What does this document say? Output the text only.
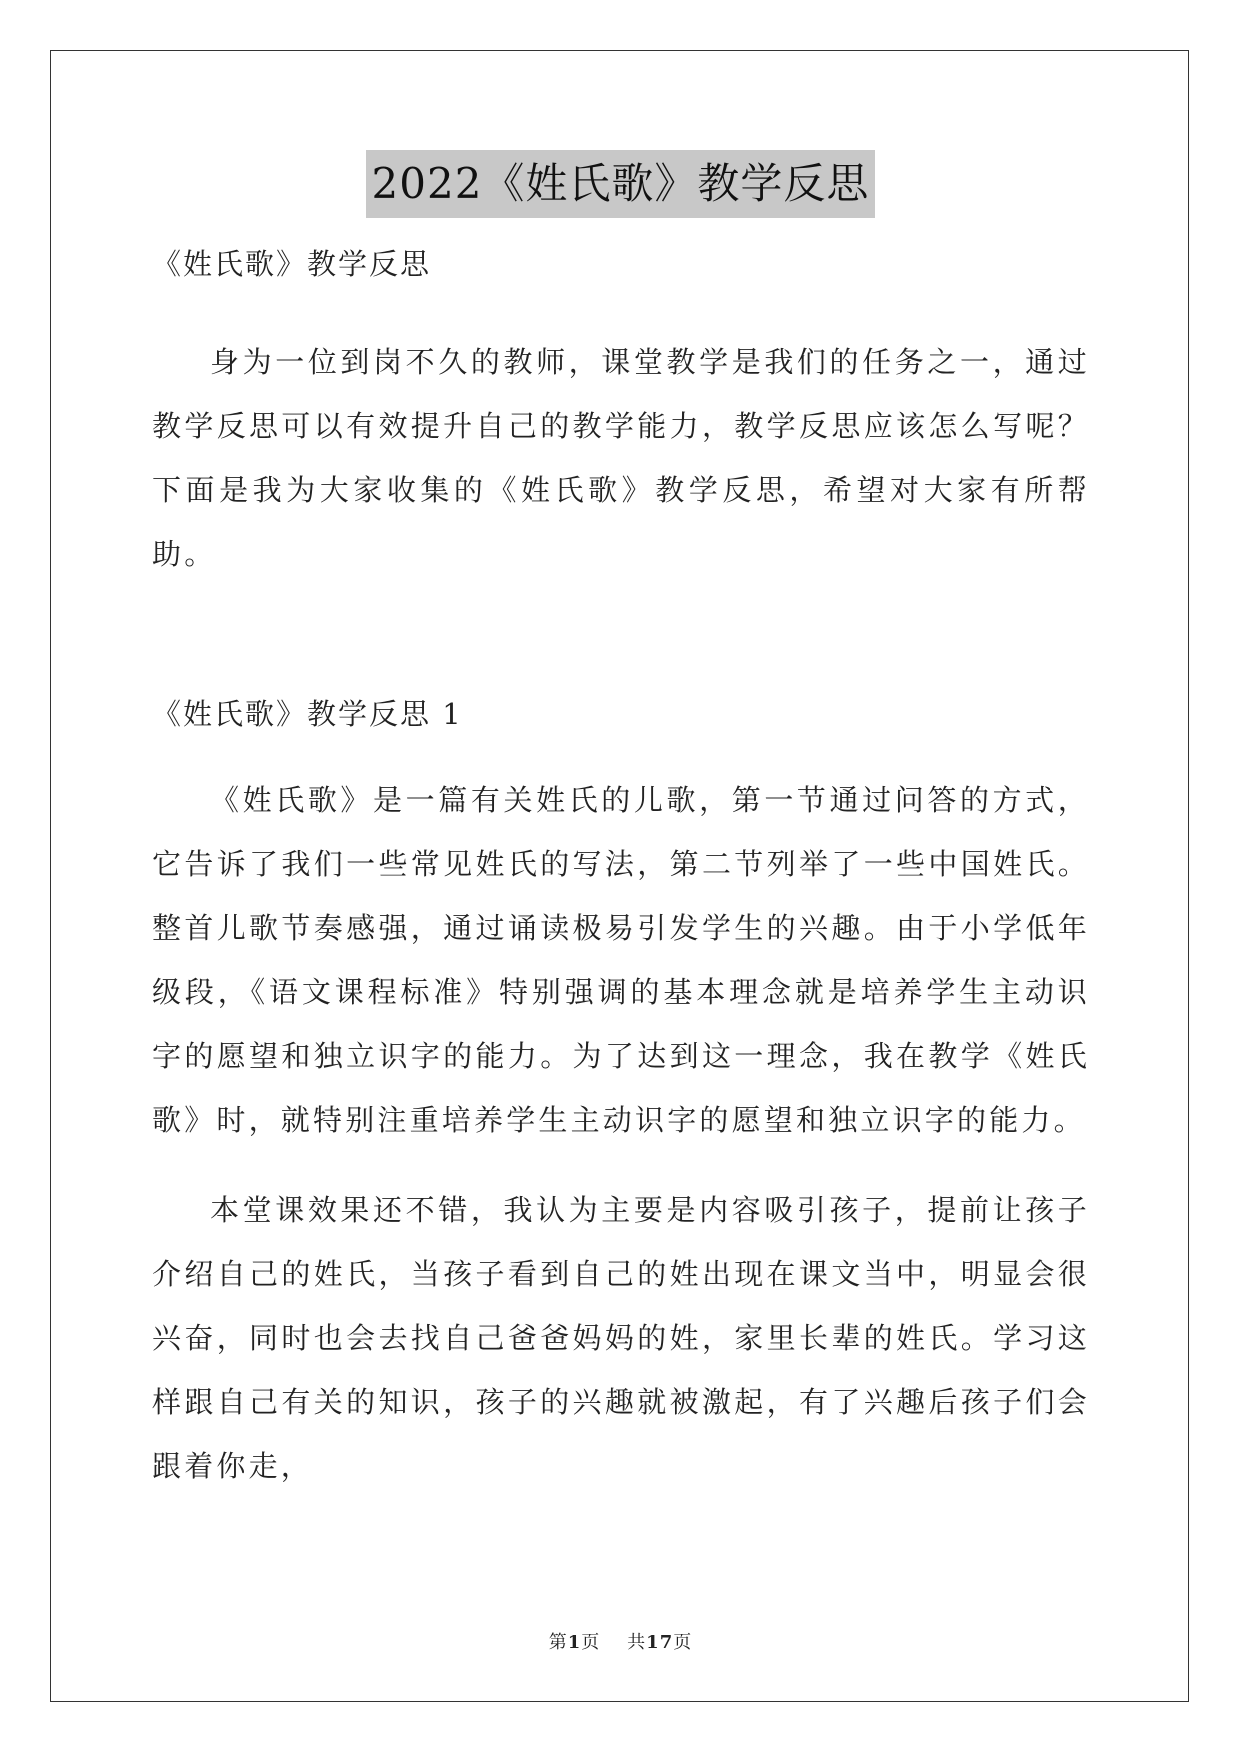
2022《姓氏歌》教学反思

《姓氏歌》教学反思

身为一位到岗不久的教师，课堂教学是我们的任务之一，通过教学反思可以有效提升自己的教学能力，教学反思应该怎么写呢？下面是我为大家收集的《姓氏歌》教学反思，希望对大家有所帮助。

《姓氏歌》教学反思 1

《姓氏歌》是一篇有关姓氏的儿歌，第一节通过问答的方式，它告诉了我们一些常见姓氏的写法，第二节列举了一些中国姓氏。整首儿歌节奏感强，通过诵读极易引发学生的兴趣。由于小学低年级段，《语文课程标准》特别强调的基本理念就是培养学生主动识字的愿望和独立识字的能力。为了达到这一理念，我在教学《姓氏歌》时，就特别注重培养学生主动识字的愿望和独立识字的能力。

本堂课效果还不错，我认为主要是内容吸引孩子，提前让孩子介绍自己的姓氏，当孩子看到自己的姓出现在课文当中，明显会很兴奋，同时也会去找自己爸爸妈妈的姓，家里长辈的姓氏。学习这样跟自己有关的知识，孩子的兴趣就被激起，有了兴趣后孩子们会跟着你走，

第1页 共17页
